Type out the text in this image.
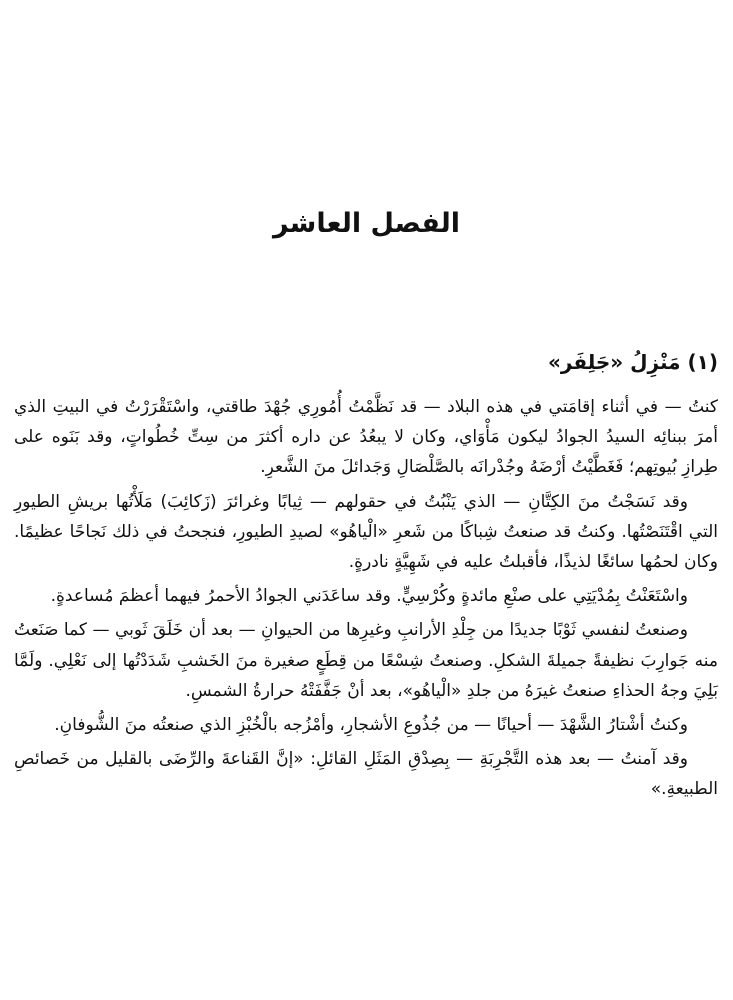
الفصل العاشر
(١) مَنْزِلُ «جَلِفَر»

كنتُ — في أثناء إقامَتي في هذه البلاد — قد نَظَّمْتُ أُمُورِي جُهْدَ طاقتي، واسْتَقْرَرْتُ في البيتِ الذي أمرَ ببنائِه السيدُ الجوادُ ليكون مَأْوَاي، وكان لا يبعُدُ عن داره أكثرَ من سِتِّ خُطُواتٍ، وقد بَنَوه على طِرازِ بُيوتِهم؛ فَغَطَّيْتُ أرْضَهُ وجُدْرانَه بالصَّلْصَالِ وَجَدائلَ منَ الشَّعرِ.

وقد نَسَجْتُ منَ الكِتَّانِ — الذي يَنْبُتُ في حقولهم — ثِيابًا وغرائرَ (زَكائِبَ) مَلَأْتُها بريشِ الطيورِ التي اقْتَنَصْتُها. وكنتُ قد صنعتُ شِباكًا من شَعرِ «الْياهُو» لصيدِ الطيورِ، فنجحتُ في ذلك نَجاحًا عظيمًا. وكان لحمُها سائغًا لذيذًا، فأقبلتُ عليه في شَهِيَّةٍ نادرةٍ.

واسْتَعَنْتُ بِمُدْيَتِي على صنْعِ مائدةٍ وكُرْسِيٍّ. وقد ساعَدَني الجوادُ الأحمرُ فيهما أعظمَ مُساعدةٍ.

وصنعتُ لنفسي ثَوْبًا جديدًا من جِلْدِ الأرانبِ وغيرِها من الحيوانِ — بعد أن خَلَقَ ثَوبي — كما صَنَعتُ منه جَوارِبَ نظيفةً جميلةَ الشكلِ. وصنعتُ شِسْعًا من قِطَعٍ صغيرة منَ الخَشبِ شَدَدْتُها إلى نَعْلِي. ولَمَّا بَلِيَ وجهُ الحذاءِ صنعتُ غيرَهُ من جلدِ «الْياهُو»، بعد أنْ جَفَّفَتْهُ حرارةُ الشمسِ.

وكنتُ أشْتارُ الشَّهْدَ — أحيانًا — من جُذُوعِ الأشجارِ، وأمْزُجه بالْخُبْزِ الذي صنعتُه منَ الشُّوفانِ.

وقد آمنتُ — بعد هذه التَّجْرِبَةِ — بِصِدْقِ المَثَلِ القائلِ: «إنَّ القَناعةَ والرِّضَى بالقليل من خَصائصِ الطبيعةِ.»
